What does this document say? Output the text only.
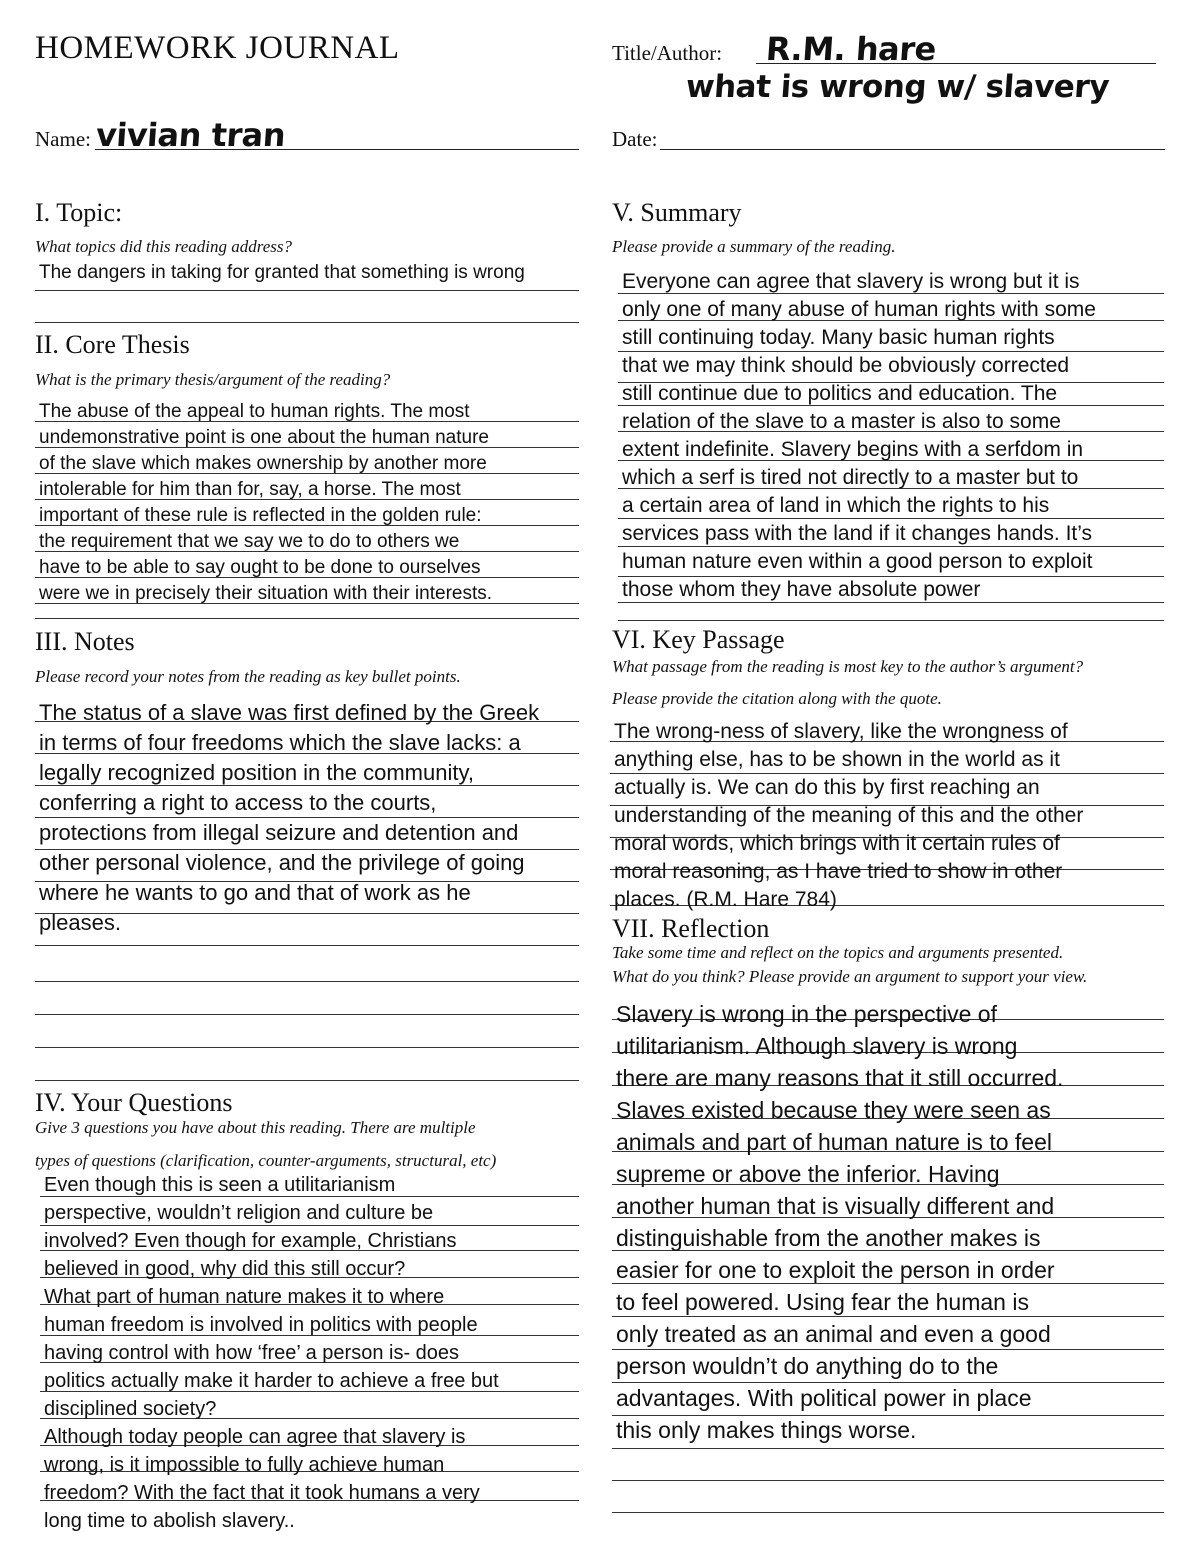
HOMEWORK JOURNAL
Name: vivian tran
Title/Author: R.M. hare
what is wrong w/ slavery
Date:
I. Topic:
What topics did this reading address?
The dangers in taking for granted that something is wrong
II. Core Thesis
What is the primary thesis/argument of the reading?
The abuse of the appeal to human rights. The most
undemonstrative point is one about the human nature
of the slave which makes ownership by another more
intolerable for him than for, say, a horse. The most
important of these rule is reflected in the golden rule:
the requirement that we say we to do to others we
have to be able to say ought to be done to ourselves
were we in precisely their situation with their interests.
III. Notes
Please record your notes from the reading as key bullet points.
The status of a slave was first defined by the Greek
in terms of four freedoms which the slave lacks: a
legally recognized position in the community,
conferring a right to access to the courts,
protections from illegal seizure and detention and
other personal violence, and the privilege of going
where he wants to go and that of work as he
pleases.
IV. Your Questions
Give 3 questions you have about this reading. There are multiple
types of questions (clarification, counter-arguments, structural, etc)
Even though this is seen a utilitarianism
perspective, wouldn’t religion and culture be
involved? Even though for example, Christians
believed in good, why did this still occur?
What part of human nature makes it to where
human freedom is involved in politics with people
having control with how ‘free’ a person is- does
politics actually make it harder to achieve a free but
disciplined society?
Although today people can agree that slavery is
wrong, is it impossible to fully achieve human
freedom? With the fact that it took humans a very
long time to abolish slavery..
V. Summary
Please provide a summary of the reading.
Everyone can agree that slavery is wrong but it is
only one of many abuse of human rights with some
still continuing today. Many basic human rights
that we may think should be obviously corrected
still continue due to politics and education. The
relation of the slave to a master is also to some
extent indefinite. Slavery begins with a serfdom in
which a serf is tired not directly to a master but to
a certain area of land in which the rights to his
services pass with the land if it changes hands. It’s
human nature even within a good person to exploit
those whom they have absolute power
VI. Key Passage
What passage from the reading is most key to the author’s argument?
Please provide the citation along with the quote.
The wrong-ness of slavery, like the wrongness of
anything else, has to be shown in the world as it
actually is. We can do this by first reaching an
understanding of the meaning of this and the other
moral words, which brings with it certain rules of
moral reasoning, as I have tried to show in other
places. (R.M. Hare 784)
VII. Reflection
Take some time and reflect on the topics and arguments presented.
What do you think? Please provide an argument to support your view.
Slavery is wrong in the perspective of
utilitarianism. Although slavery is wrong
there are many reasons that it still occurred.
Slaves existed because they were seen as
animals and part of human nature is to feel
supreme or above the inferior. Having
another human that is visually different and
distinguishable from the another makes is
easier for one to exploit the person in order
to feel powered. Using fear the human is
only treated as an animal and even a good
person wouldn’t do anything do to the
advantages. With political power in place
this only makes things worse.
